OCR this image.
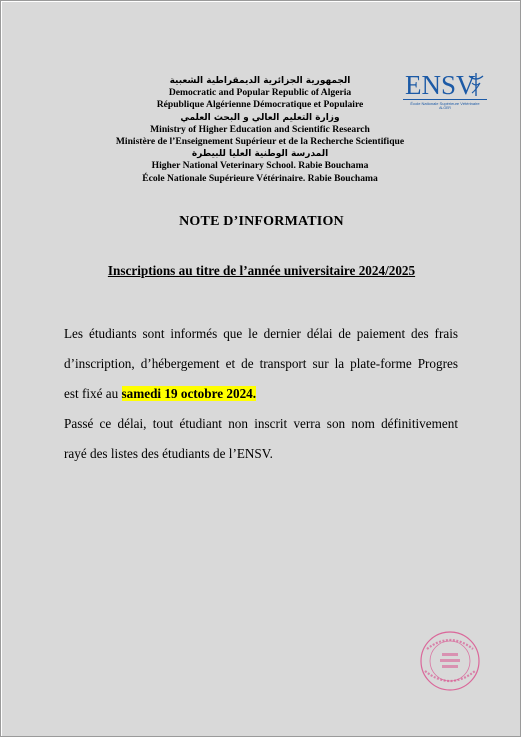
الجمهورية الجزائرية الديمقراطية الشعبية
Democratic and Popular Republic of Algeria
République Algérienne Démocratique et Populaire
وزارة التعليم العالي و البحث العلمي
Ministry of Higher Education and Scientific Research
Ministère de l’Enseignement Supérieur et de la Recherche Scientifique
المدرسة الوطنية العليا للبيطرة
Higher National Veterinary School. Rabie Bouchama
École Nationale Supérieure Vétérinaire. Rabie Bouchama
ENSV
École Nationale Supérieure Vétérinaire
ALGER
NOTE D’INFORMATION
Inscriptions au titre de l’année universitaire 2024/2025
Les étudiants sont informés que le dernier délai de paiement des frais
d’inscription, d’hébergement et de transport sur la plate-forme Progres
est fixé au samedi 19 octobre 2024.
Passé ce délai, tout étudiant non inscrit verra son nom définitivement
rayé des listes des étudiants de l’ENSV.
